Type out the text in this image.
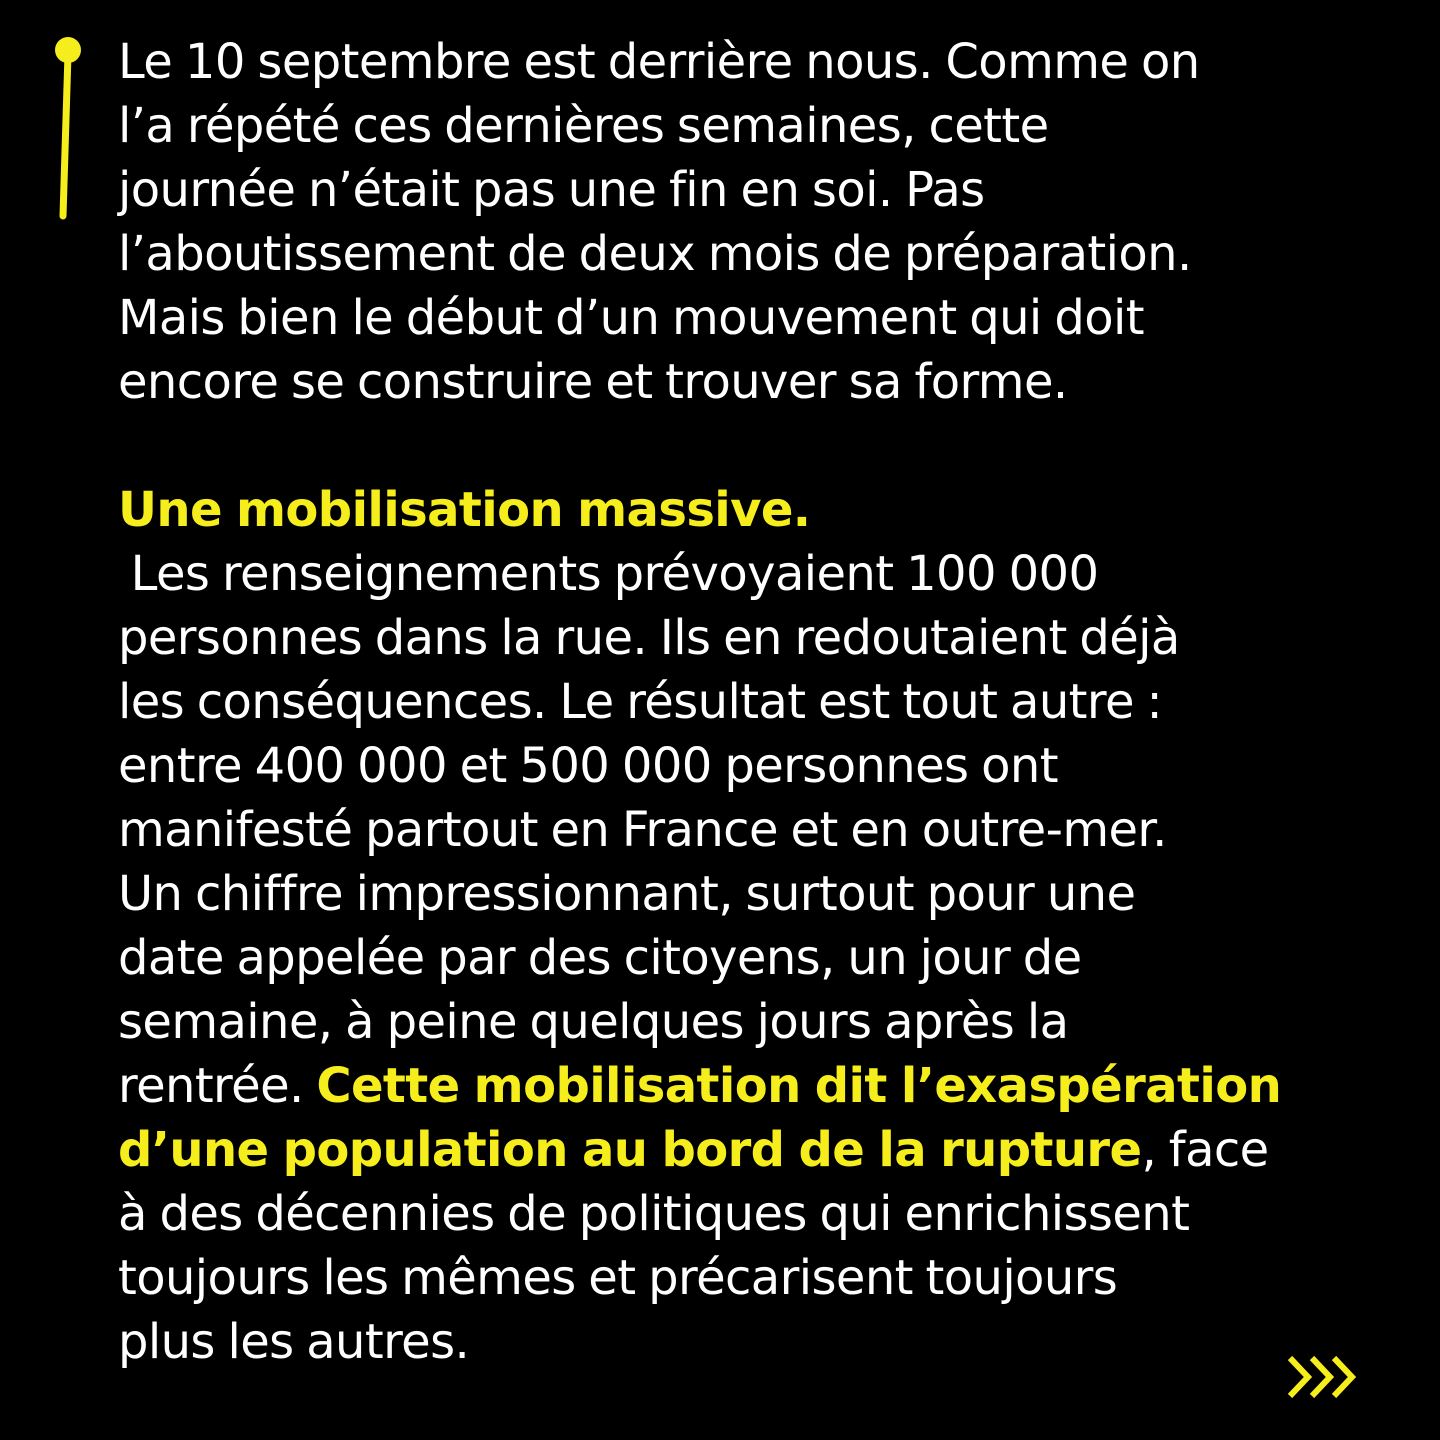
Le 10 septembre est derrière nous. Comme on

l’a répété ces dernières semaines, cette

journée n’était pas une fin en soi. Pas

l’aboutissement de deux mois de préparation.

Mais bien le début d’un mouvement qui doit

encore se construire et trouver sa forme.

Une mobilisation massive.

Les renseignements prévoyaient 100 000

personnes dans la rue. Ils en redoutaient déjà

les conséquences. Le résultat est tout autre :

entre 400 000 et 500 000 personnes ont

manifesté partout en France et en outre-mer.

Un chiffre impressionnant, surtout pour une

date appelée par des citoyens, un jour de

semaine, à peine quelques jours après la

rentrée. Cette mobilisation dit l’exaspération

d’une population au bord de la rupture, face

à des décennies de politiques qui enrichissent

toujours les mêmes et précarisent toujours

plus les autres.
